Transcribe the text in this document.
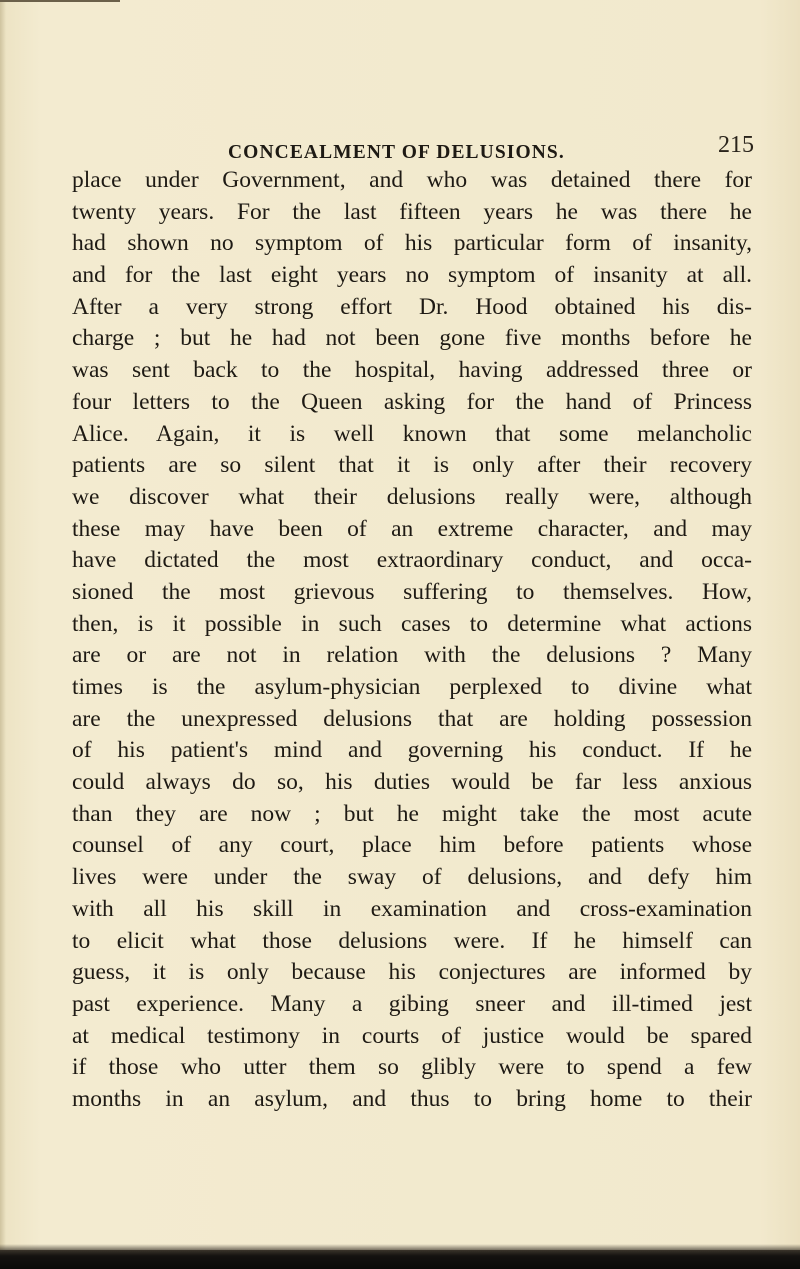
CONCEALMENT OF DELUSIONS.	215
place under Government, and who was detained there for
twenty years. For the last fifteen years he was there he
had shown no symptom of his particular form of insanity,
and for the last eight years no symptom of insanity at all.
After a very strong effort Dr. Hood obtained his dis-
charge ; but he had not been gone five months before he
was sent back to the hospital, having addressed three or
four letters to the Queen asking for the hand of Princess
Alice. Again, it is well known that some melancholic
patients are so silent that it is only after their recovery
we discover what their delusions really were, although
these may have been of an extreme character, and may
have dictated the most extraordinary conduct, and occa-
sioned the most grievous suffering to themselves. How,
then, is it possible in such cases to determine what actions
are or are not in relation with the delusions ? Many
times is the asylum-physician perplexed to divine what
are the unexpressed delusions that are holding possession
of his patient's mind and governing his conduct. If he
could always do so, his duties would be far less anxious
than they are now ; but he might take the most acute
counsel of any court, place him before patients whose
lives were under the sway of delusions, and defy him
with all his skill in examination and cross-examination
to elicit what those delusions were. If he himself can
guess, it is only because his conjectures are informed by
past experience. Many a gibing sneer and ill-timed jest
at medical testimony in courts of justice would be spared
if those who utter them so glibly were to spend a few
months in an asylum, and thus to bring home to their
